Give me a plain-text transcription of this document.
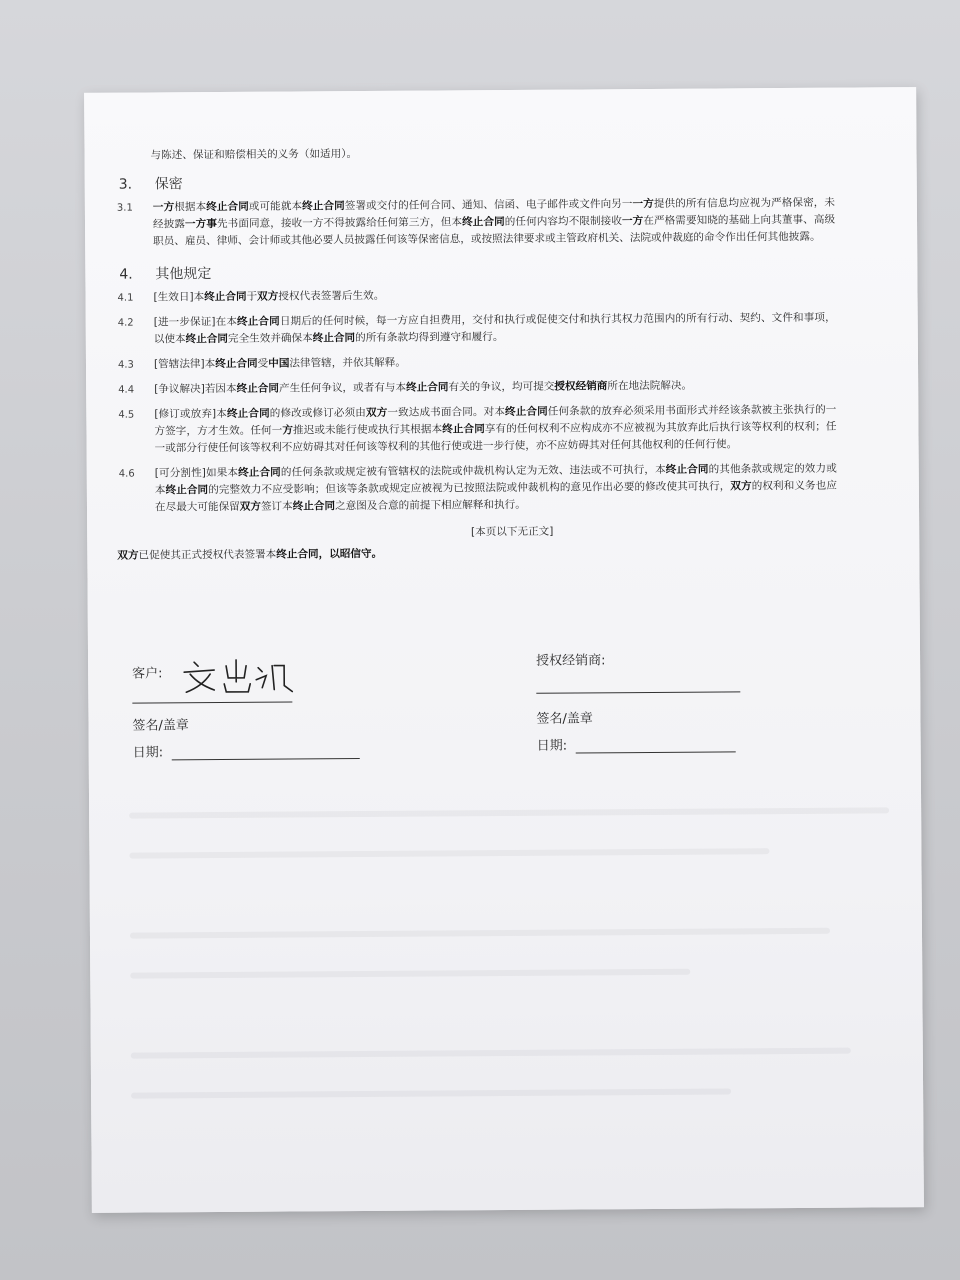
与陈述、保证和赔偿相关的义务（如适用）。
3.	保密
3.1	一方根据本终止合同或可能就本终止合同签署或交付的任何合同、通知、信函、电子邮件或文件向另一一方提供的所有信息均应视为严格保密，未经披露一方事先书面同意，接收一方不得披露给任何第三方，但本终止合同的任何内容均不限制接收一方在严格需要知晓的基础上向其董事、高级职员、雇员、律师、会计师或其他必要人员披露任何该等保密信息，或按照法律要求或主管政府机关、法院或仲裁庭的命令作出任何其他披露。
4.	其他规定
4.1	[生效日]本终止合同于双方授权代表签署后生效。
4.2	[进一步保证]在本终止合同日期后的任何时候，每一方应自担费用，交付和执行或促使交付和执行其权力范围内的所有行动、契约、文件和事项，以使本终止合同完全生效并确保本终止合同的所有条款均得到遵守和履行。
4.3	[管辖法律]本终止合同受中国法律管辖，并依其解释。
4.4	[争议解决]若因本终止合同产生任何争议，或者有与本终止合同有关的争议，均可提交授权经销商所在地法院解决。
4.5	[修订或放弃]本终止合同的修改或修订必须由双方一致达成书面合同。对本终止合同任何条款的放弃必须采用书面形式并经该条款被主张执行的一方签字，方才生效。任何一方推迟或未能行使或执行其根据本终止合同享有的任何权利不应构成亦不应被视为其放弃此后执行该等权利的权利；任一或部分行使任何该等权利不应妨碍其对任何该等权利的其他行使或进一步行使，亦不应妨碍其对任何其他权利的任何行使。
4.6	[可分割性]如果本终止合同的任何条款或规定被有管辖权的法院或仲裁机构认定为无效、违法或不可执行，本终止合同的其他条款或规定的效力或本终止合同的完整效力不应受影响；但该等条款或规定应被视为已按照法院或仲裁机构的意见作出必要的修改使其可执行，双方的权利和义务也应在尽最大可能保留双方签订本终止合同之意图及合意的前提下相应解释和执行。
[本页以下无正文]
双方已促使其正式授权代表签署本终止合同，以昭信守。
客户:
签名/盖章
日期:
授权经销商:
签名/盖章
日期:
